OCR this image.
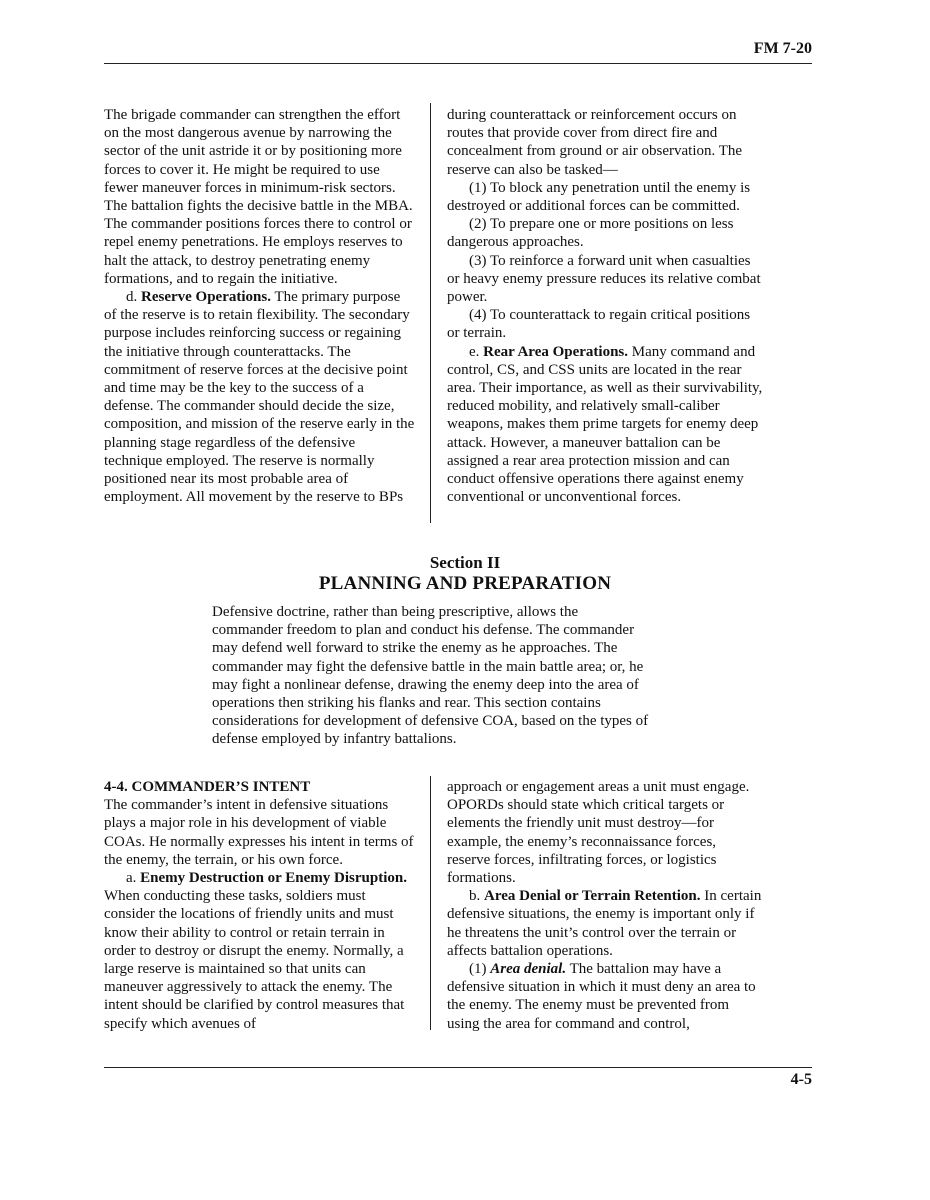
FM 7-20

The brigade commander can strengthen the effort on the most dangerous avenue by narrowing the sector of the unit astride it or by positioning more forces to cover it. He might be required to use fewer maneuver forces in minimum-risk sectors. The battalion fights the decisive battle in the MBA. The commander positions forces there to control or repel enemy penetrations. He employs reserves to halt the attack, to destroy penetrating enemy formations, and to regain the initiative.

d. Reserve Operations. The primary purpose of the reserve is to retain flexibility. The secondary purpose includes reinforcing success or regaining the initiative through counterattacks. The commitment of reserve forces at the decisive point and time may be the key to the success of a defense. The commander should decide the size, composition, and mission of the reserve early in the planning stage regardless of the defensive technique employed. The reserve is normally positioned near its most probable area of employment. All movement by the reserve to BPs

during counterattack or reinforcement occurs on routes that provide cover from direct fire and concealment from ground or air observation. The reserve can also be tasked—

(1) To block any penetration until the enemy is destroyed or additional forces can be committed.

(2) To prepare one or more positions on less dangerous approaches.

(3) To reinforce a forward unit when casualties or heavy enemy pressure reduces its relative combat power.

(4) To counterattack to regain critical positions or terrain.

e. Rear Area Operations. Many command and control, CS, and CSS units are located in the rear area. Their importance, as well as their survivability, reduced mobility, and relatively small-caliber weapons, makes them prime targets for enemy deep attack. However, a maneuver battalion can be assigned a rear area protection mission and can conduct offensive operations there against enemy conventional or unconventional forces.

Section II
PLANNING AND PREPARATION

Defensive doctrine, rather than being prescriptive, allows the commander freedom to plan and conduct his defense. The commander may defend well forward to strike the enemy as he approaches. The commander may fight the defensive battle in the main battle area; or, he may fight a nonlinear defense, drawing the enemy deep into the area of operations then striking his flanks and rear. This section contains considerations for development of defensive COA, based on the types of defense employed by infantry battalions.

4-4. COMMANDER’S INTENT

The commander’s intent in defensive situations plays a major role in his development of viable COAs. He normally expresses his intent in terms of the enemy, the terrain, or his own force.

a. Enemy Destruction or Enemy Disruption. When conducting these tasks, soldiers must consider the locations of friendly units and must know their ability to control or retain terrain in order to destroy or disrupt the enemy. Normally, a large reserve is maintained so that units can maneuver aggressively to attack the enemy. The intent should be clarified by control measures that specify which avenues of

approach or engagement areas a unit must engage. OPORDs should state which critical targets or elements the friendly unit must destroy—for example, the enemy’s reconnaissance forces, reserve forces, infiltrating forces, or logistics formations.

b. Area Denial or Terrain Retention. In certain defensive situations, the enemy is important only if he threatens the unit’s control over the terrain or affects battalion operations.

(1) Area denial. The battalion may have a defensive situation in which it must deny an area to the enemy. The enemy must be prevented from using the area for command and control,

4-5
